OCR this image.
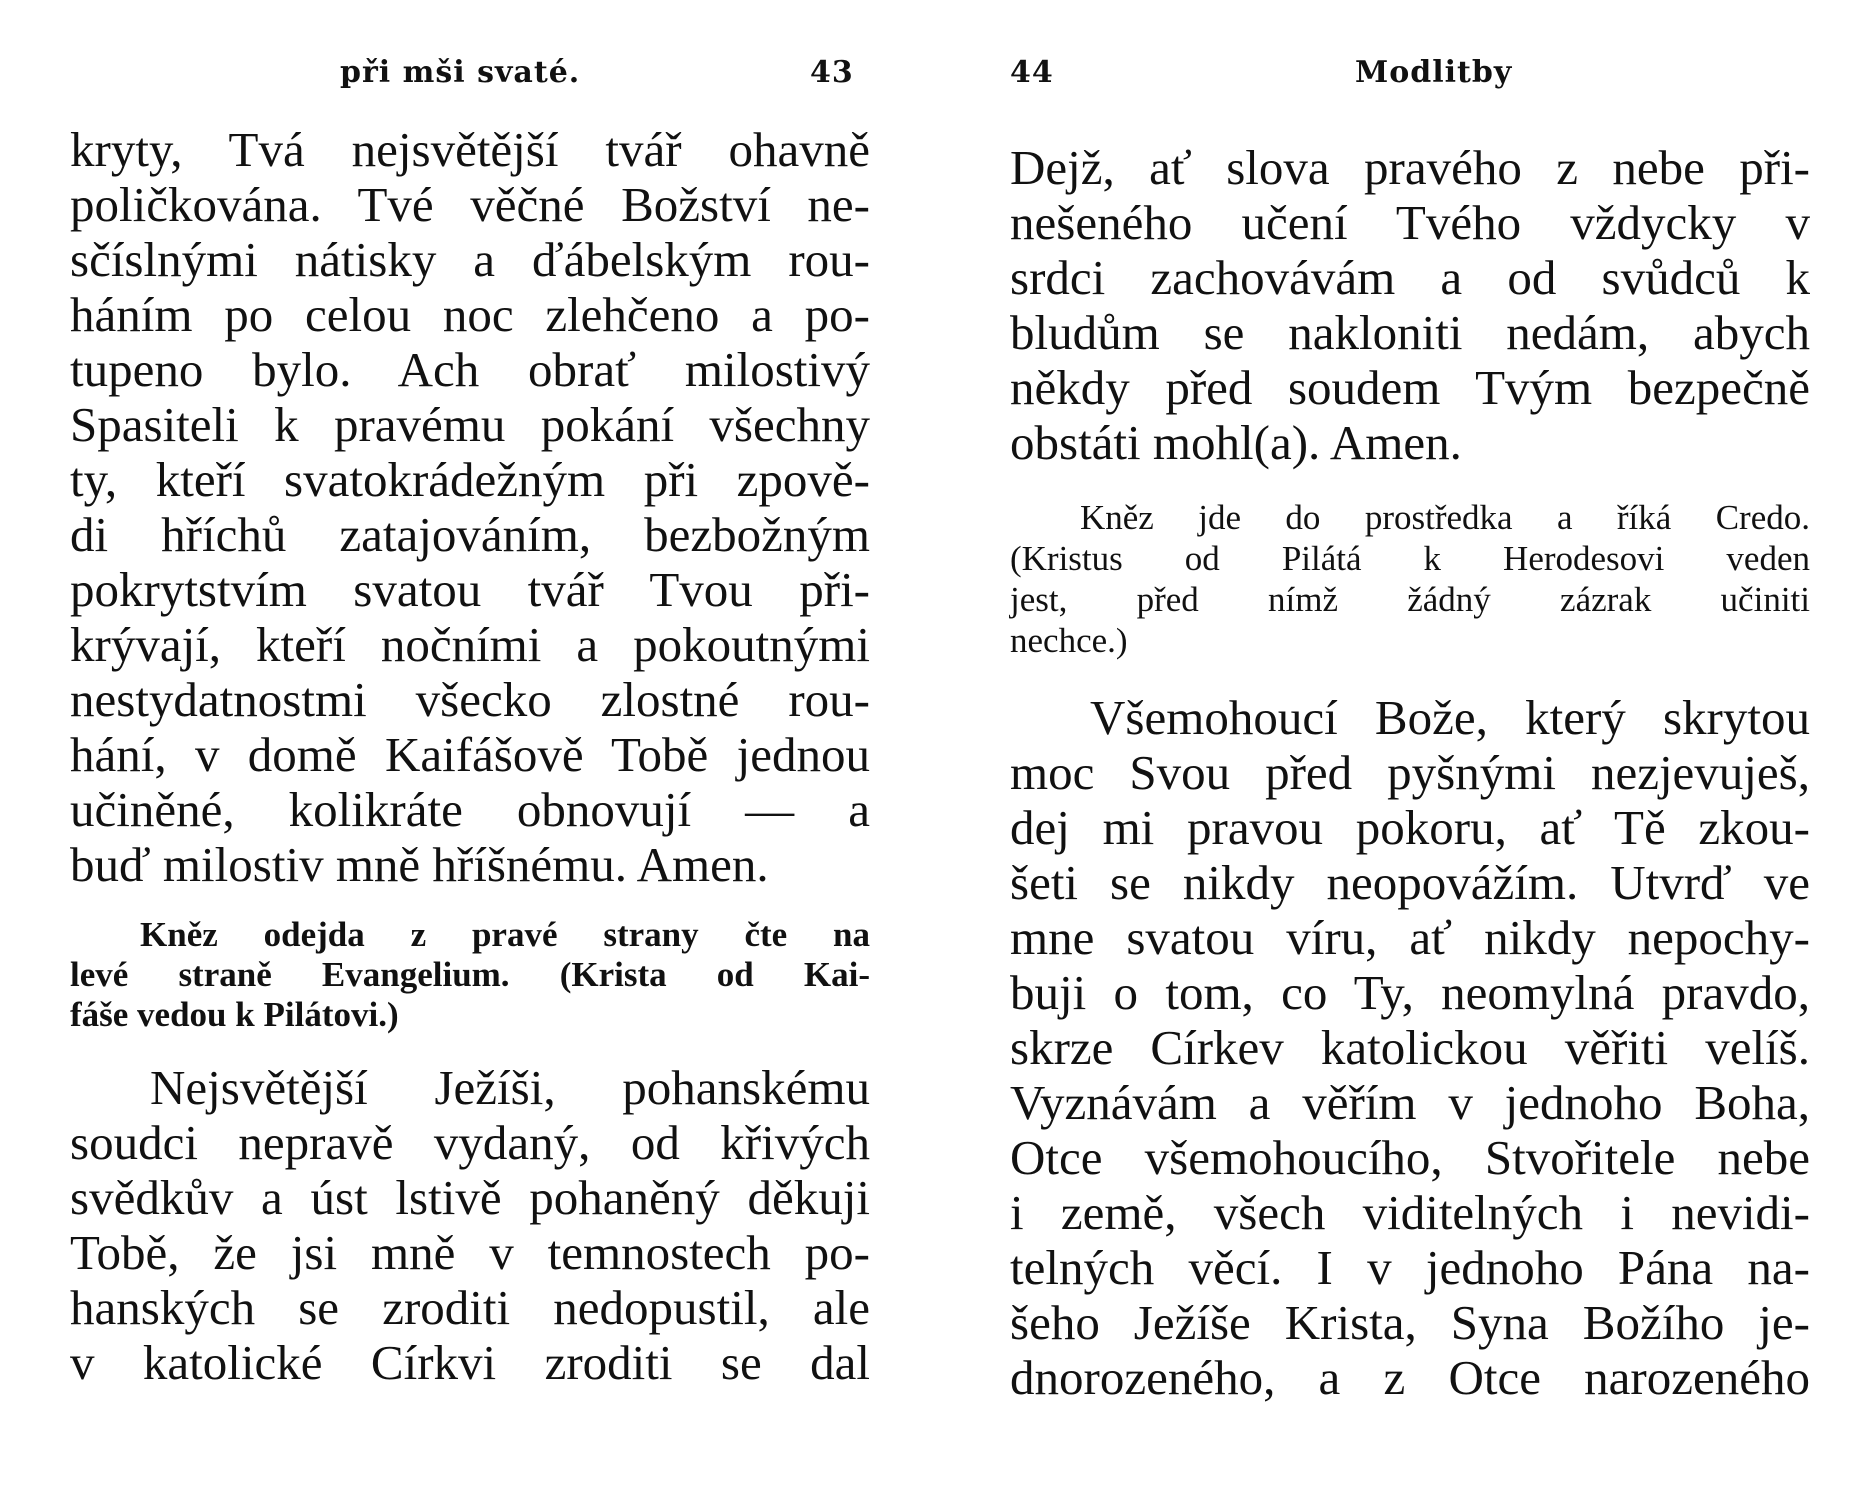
při mši svaté.	43
kryty, Tvá nejsvětější tvář ohavně
poličkována. Tvé věčné Božství ne-
sčíslnými nátisky a ďábelským rou-
háním po celou noc zlehčeno a po-
tupeno bylo. Ach obrať milostivý
Spasiteli k pravému pokání všechny
ty, kteří svatokrádežným při zpově-
di hříchů zatajováním, bezbožným
pokrytstvím svatou tvář Tvou při-
krývají, kteří nočními a pokoutnými
nestydatnostmi všecko zlostné rou-
hání, v domě Kaifášově Tobě jednou
učiněné, kolikráte obnovují — a
buď milostiv mně hříšnému. Amen.
Kněz odejda z pravé strany čte na
levé straně Evangelium. (Krista od Kai-
fáše vedou k Pilátovi.)
Nejsvětější Ježíši, pohanskému
soudci nepravě vydaný, od křivých
svědkův a úst lstivě pohaněný děkuji
Tobě, že jsi mně v temnostech po-
hanských se zroditi nedopustil, ale
v katolické Církvi zroditi se dal
44	Modlitby
Dejž, ať slova pravého z nebe při-
nešeného učení Tvého vždycky v
srdci zachovávám a od svůdců k
bludům se nakloniti nedám, abych
někdy před soudem Tvým bezpečně
obstáti mohl(a). Amen.
Kněz jde do prostředka a říká Credo.
(Kristus od Pilátá k Herodesovi veden
jest, před nímž žádný zázrak učiniti
nechce.)
Všemohoucí Bože, který skrytou
moc Svou před pyšnými nezjevuješ,
dej mi pravou pokoru, ať Tě zkou-
šeti se nikdy neopovážím. Utvrď ve
mne svatou víru, ať nikdy nepochy-
buji o tom, co Ty, neomylná pravdo,
skrze Církev katolickou věřiti velíš.
Vyznávám a věřím v jednoho Boha,
Otce všemohoucího, Stvořitele nebe
i země, všech viditelných i nevidi-
telných věcí. I v jednoho Pána na-
šeho Ježíše Krista, Syna Božího je-
dnorozeného, a z Otce narozeného
